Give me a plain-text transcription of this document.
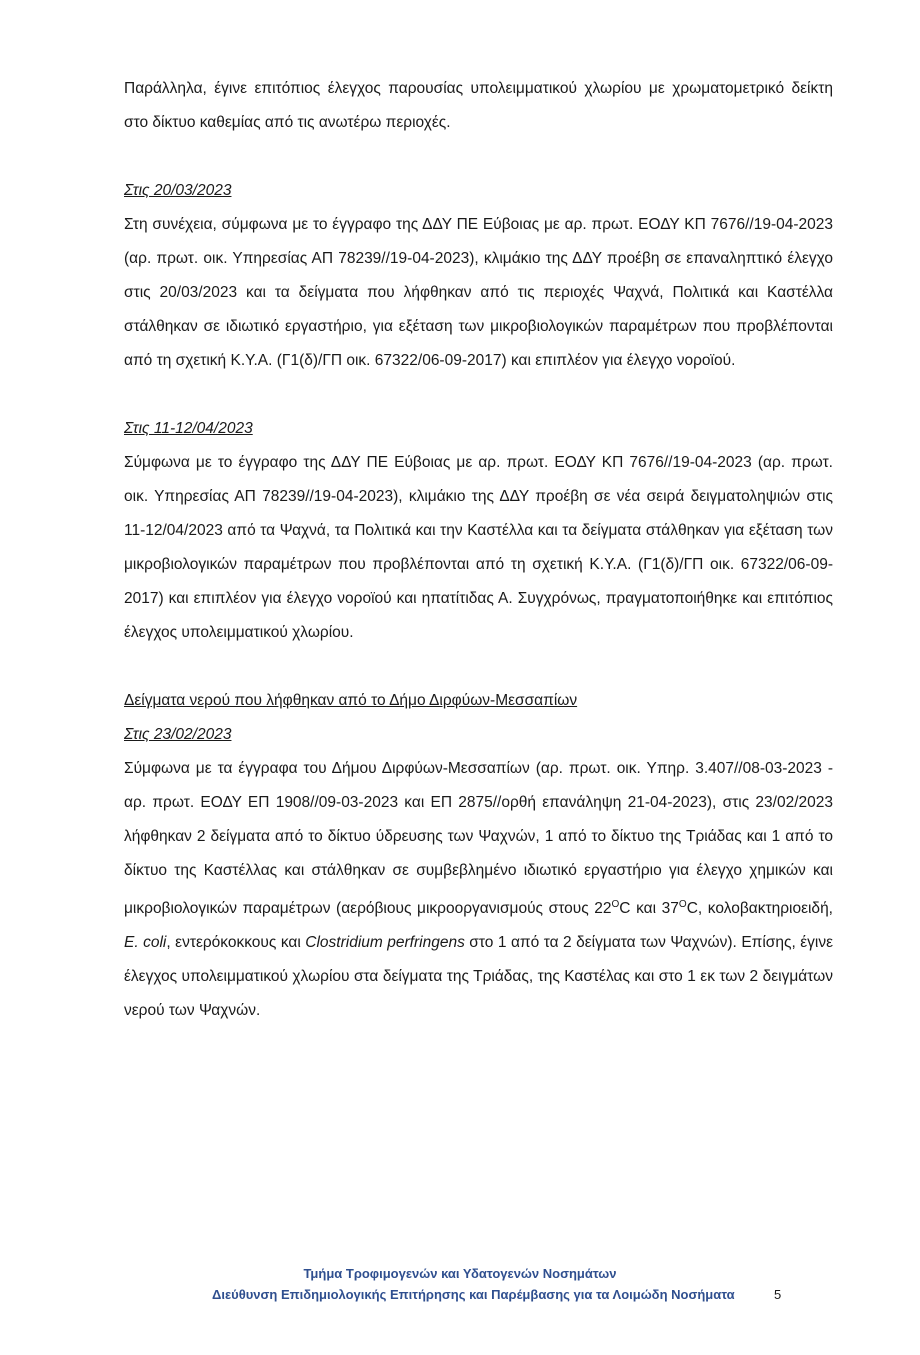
Παράλληλα, έγινε επιτόπιος έλεγχος παρουσίας υπολειμματικού χλωρίου με χρωματομετρικό δείκτη στο δίκτυο καθεμίας από τις ανωτέρω περιοχές.

Στις 20/03/2023

Στη συνέχεια, σύμφωνα με το έγγραφο της ΔΔΥ ΠΕ Εύβοιας με αρ. πρωτ. ΕΟΔΥ ΚΠ 7676//19-04-2023 (αρ. πρωτ. οικ. Υπηρεσίας ΑΠ 78239//19-04-2023), κλιμάκιο της ΔΔΥ προέβη σε επαναληπτικό έλεγχο στις 20/03/2023 και τα δείγματα που λήφθηκαν από τις περιοχές Ψαχνά, Πολιτικά και Καστέλλα στάλθηκαν σε ιδιωτικό εργαστήριο, για εξέταση των μικροβιολογικών παραμέτρων που προβλέπονται από τη σχετική Κ.Υ.Α. (Γ1(δ)/ΓΠ οικ. 67322/06-09-2017) και επιπλέον για έλεγχο νοροϊού.

Στις 11-12/04/2023

Σύμφωνα με το έγγραφο της ΔΔΥ ΠΕ Εύβοιας με αρ. πρωτ. ΕΟΔΥ ΚΠ 7676//19-04-2023 (αρ. πρωτ. οικ. Υπηρεσίας ΑΠ 78239//19-04-2023), κλιμάκιο της ΔΔΥ προέβη σε νέα σειρά δειγματοληψιών στις 11-12/04/2023 από τα Ψαχνά, τα Πολιτικά και την Καστέλλα και τα δείγματα στάλθηκαν για εξέταση των μικροβιολογικών παραμέτρων που προβλέπονται από τη σχετική Κ.Υ.Α. (Γ1(δ)/ΓΠ οικ. 67322/06-09-2017) και επιπλέον για έλεγχο νοροϊού και ηπατίτιδας Α. Συγχρόνως, πραγματοποιήθηκε και επιτόπιος έλεγχος υπολειμματικού χλωρίου.

Δείγματα νερού που λήφθηκαν από το Δήμο Διρφύων-Μεσσαπίων
Στις 23/02/2023

Σύμφωνα με τα έγγραφα του Δήμου Διρφύων-Μεσσαπίων (αρ. πρωτ. οικ. Υπηρ. 3.407//08-03-2023 - αρ. πρωτ. ΕΟΔΥ ΕΠ 1908//09-03-2023 και ΕΠ 2875//ορθή επανάληψη 21-04-2023), στις 23/02/2023 λήφθηκαν 2 δείγματα από το δίκτυο ύδρευσης των Ψαχνών, 1 από το δίκτυο της Τριάδας και 1 από το δίκτυο της Καστέλλας και στάλθηκαν σε συμβεβλημένο ιδιωτικό εργαστήριο για έλεγχο χημικών και μικροβιολογικών παραμέτρων (αερόβιους μικροοργανισμούς στους $22^OC$ και $37^OC$, κολοβακτηριοειδή, E. coli, εντερόκοκκους και Clostridium perfringens στο 1 από τα 2 δείγματα των Ψαχνών). Επίσης, έγινε έλεγχος υπολειμματικού χλωρίου στα δείγματα της Τριάδας, της Καστέλας και στο 1 εκ των 2 δειγμάτων νερού των Ψαχνών.

Τμήμα Τροφιμογενών και Υδατογενών Νοσημάτων
Διεύθυνση Επιδημιολογικής Επιτήρησης και Παρέμβασης για τα Λοιμώδη Νοσήματα	5
